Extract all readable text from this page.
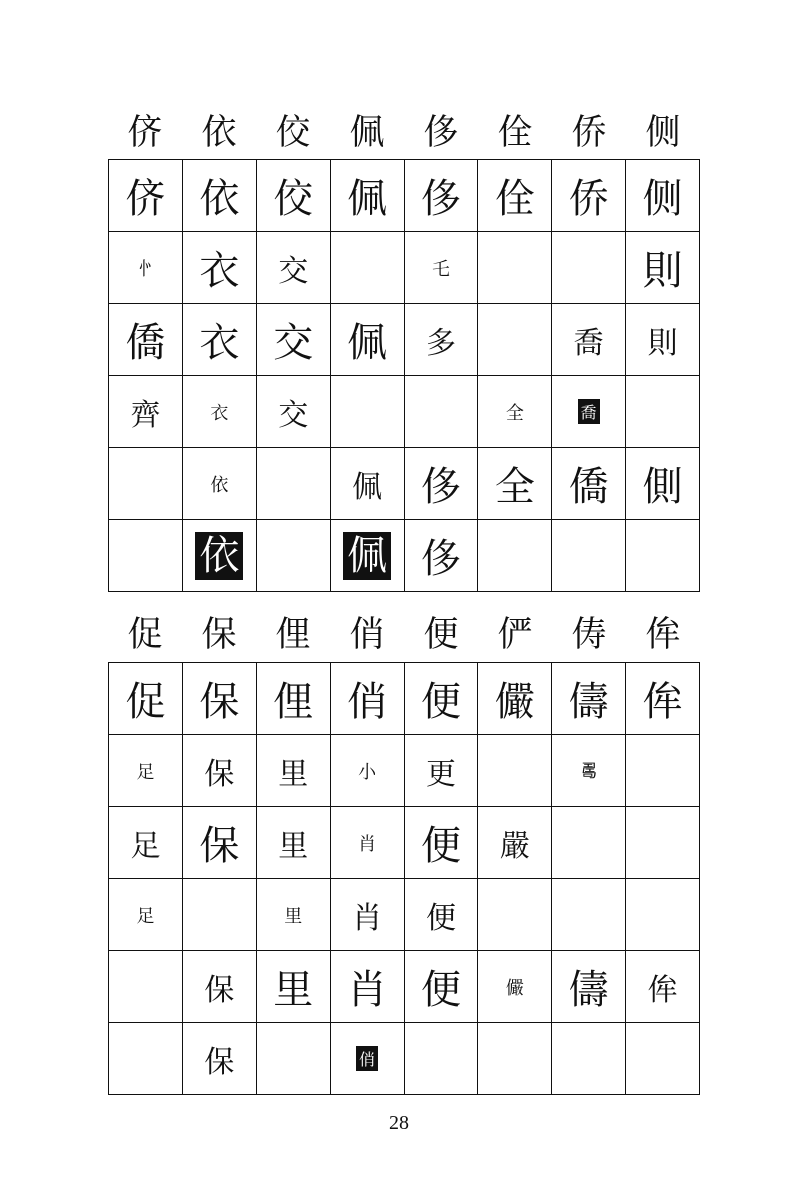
侪	依	佼	佩	侈	佺	侨	侧
侪	依	佼	佩	侈	佺	侨	侧
㣺	衣	交		乇			則
僑	衣	交	佩	多		喬	則
齊	衣	交			全	喬	
	依		佩	侈	全	僑	側
	依		佩	侈			
促	保	俚	俏	便	俨	俦	侔
促	保	俚	俏	便	儼	儔	侔
足	保	里	小	更		𠷎	
足	保	里	肖	便	嚴		
足		里	肖	便			
	保	里	肖	便	儼	儔	侔
	保		俏				
28
